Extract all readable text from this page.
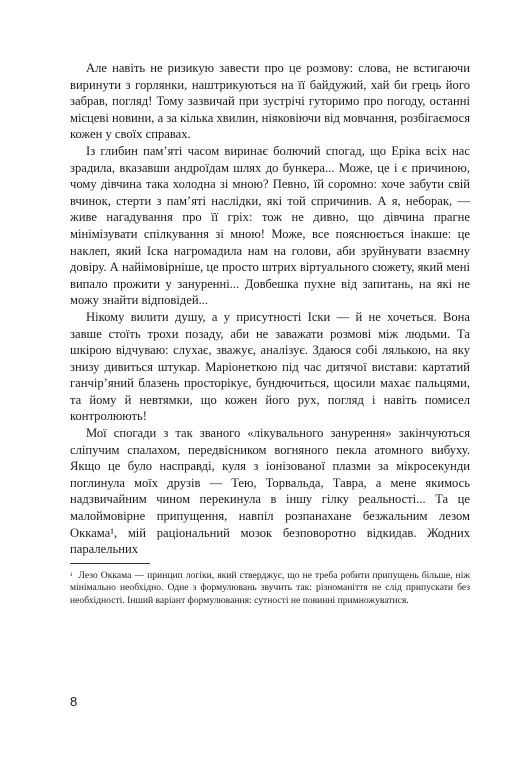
Але навіть не ризикую завести про це розмову: слова, не встигаючи виринути з горлянки, наштрикуються на її байдужий, хай би грець його забрав, погляд! Тому зазвичай при зустрічі гуторимо про погоду, останні місцеві новини, а за кілька хвилин, ніяковіючи від мовчання, розбігаємося кожен у своїх справах.

Із глибин пам’яті часом виринає болючий спогад, що Еріка всіх нас зрадила, вказавши андроїдам шлях до бункера... Може, це і є причиною, чому дівчина така холодна зі мною? Певно, їй соромно: хоче забути свій вчинок, стерти з пам’яті наслідки, які той спричинив. А я, неборак, — живе нагадування про її гріх: тож не дивно, що дівчина прагне мінімізувати спілкування зі мною! Може, все пояснюється інакше: це наклеп, який Іска нагромадила нам на голови, аби зруйнувати взаємну довіру. А найімовірніше, це просто штрих віртуального сюжету, який мені випало прожити у зануренні... Довбешка пухне від запитань, на які не можу знайти відповідей...

Нікому вилити душу, а у присутності Іски — й не хочеться. Вона завше стоїть трохи позаду, аби не заважати розмові між людьми. Та шкірою відчуваю: слухає, зважує, аналізує. Здаюся собі лялькою, на яку знизу дивиться штукар. Маріонеткою під час дитячої вистави: картатий ганчір’яний блазень просторікує, бундючиться, щосили махає пальцями, та йому й невтямки, що кожен його рух, погляд і навіть помисел контролюють!

Мої спогади з так званого «лікувального занурення» закінчуються сліпучим спалахом, передвісником вогняного пекла атомного вибуху. Якщо це було насправді, куля з іонізованої плазми за мікросекунди поглинула моїх друзів — Тею, Торвальда, Тавра, а мене якимось надзвичайним чином перекинула в іншу гілку реальності... Та це малоймовірне припущення, навпіл розпанахане безжальним лезом Оккама¹, мій раціональний мозок безповоротно відкидав. Жодних паралельних

$^{^1}$ Лезо Оккама — принцип логіки, який стверджує, що не треба робити припущень більше, ніж мінімально необхідно. Одне з формулювань звучить так: різноманіття не слід припускати без необхідності. Інший варіант формулювання: сутності не повинні примножуватися.

8
